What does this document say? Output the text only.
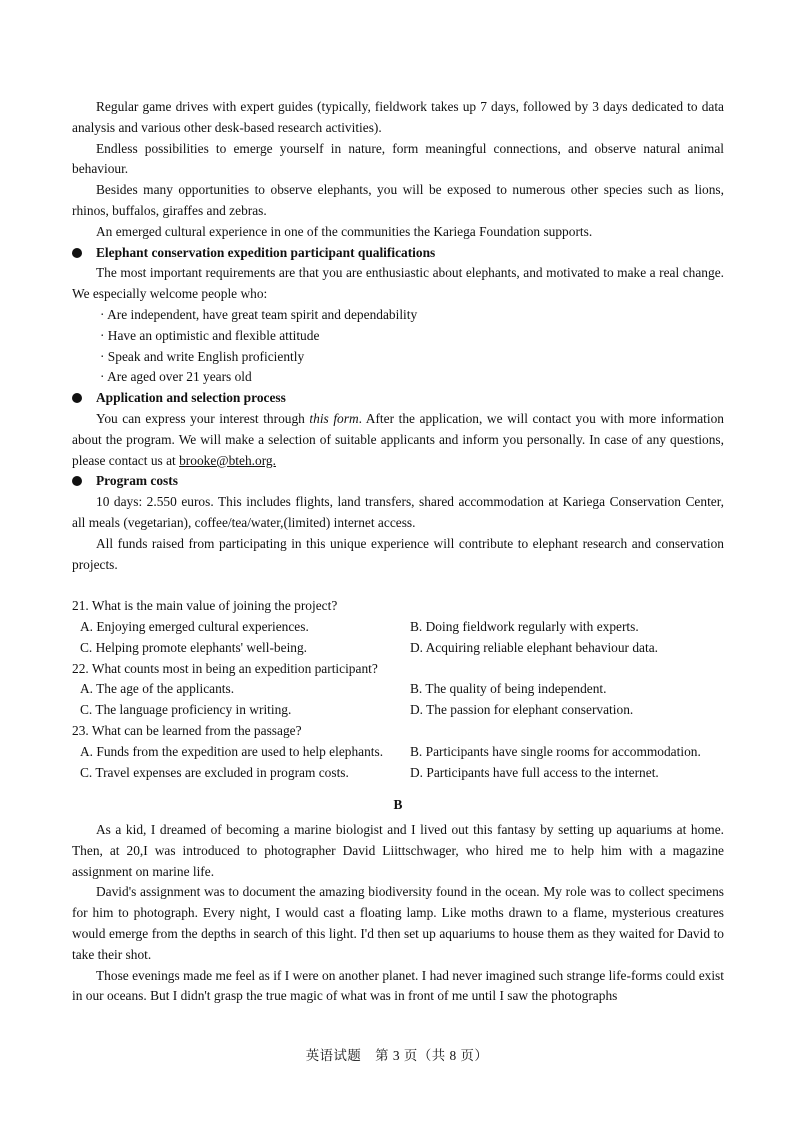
Regular game drives with expert guides (typically, fieldwork takes up 7 days, followed by 3 days dedicated to data analysis and various other desk-based research activities).

Endless possibilities to emerge yourself in nature, form meaningful connections, and observe natural animal behaviour.

Besides many opportunities to observe elephants, you will be exposed to numerous other species such as lions, rhinos, buffalos, giraffes and zebras.

An emerged cultural experience in one of the communities the Kariega Foundation supports.

Elephant conservation expedition participant qualifications

The most important requirements are that you are enthusiastic about elephants, and motivated to make a real change. We especially welcome people who:

· Are independent, have great team spirit and dependability
· Have an optimistic and flexible attitude
· Speak and write English proficiently
· Are aged over 21 years old
Application and selection process

You can express your interest through this form. After the application, we will contact you with more information about the program. We will make a selection of suitable applicants and inform you personally. In case of any questions, please contact us at brooke@bteh.org.

Program costs

10 days: 2.550 euros. This includes flights, land transfers, shared accommodation at Kariega Conservation Center, all meals (vegetarian), coffee/tea/water,(limited) internet access.

All funds raised from participating in this unique experience will contribute to elephant research and conservation projects.

21. What is the main value of joining the project?

A. Enjoying emerged cultural experiences.	B. Doing fieldwork regularly with experts.
C. Helping promote elephants' well-being.	D. Acquiring reliable elephant behaviour data.

22. What counts most in being an expedition participant?

A. The age of the applicants.	B. The quality of being independent.
C. The language proficiency in writing.	D. The passion for elephant conservation.

23. What can be learned from the passage?

A. Funds from the expedition are used to help elephants.	B. Participants have single rooms for accommodation.
C. Travel expenses are excluded in program costs.	D. Participants have full access to the internet.
B

As a kid, I dreamed of becoming a marine biologist and I lived out this fantasy by setting up aquariums at home. Then, at 20,I was introduced to photographer David Liittschwager, who hired me to help him with a magazine assignment on marine life.

David's assignment was to document the amazing biodiversity found in the ocean. My role was to collect specimens for him to photograph. Every night, I would cast a floating lamp. Like moths drawn to a flame, mysterious creatures would emerge from the depths in search of this light. I'd then set up aquariums to house them as they waited for David to take their shot.

Those evenings made me feel as if I were on another planet. I had never imagined such strange life-forms could exist in our oceans. But I didn't grasp the true magic of what was in front of me until I saw the photographs

英语试题　第 3 页（共 8 页）
